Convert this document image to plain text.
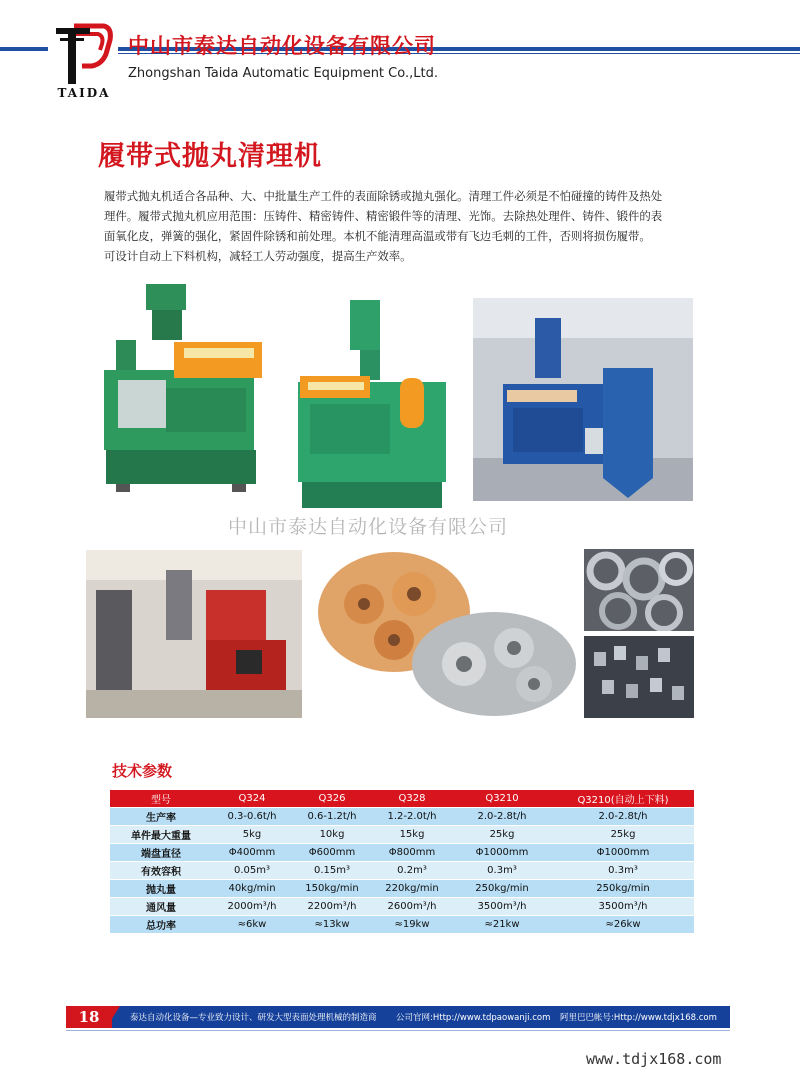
TAIDA
中山市泰达自动化设备有限公司
Zhongshan Taida Automatic Equipment Co.,Ltd.
履带式抛丸清理机
履带式抛丸机适合各品种、大、中批量生产工件的表面除锈或抛丸强化。清理工件必须是不怕碰撞的铸件及热处
理件。履带式抛丸机应用范围：压铸件、精密铸件、精密锻件等的清理、光饰。去除热处理件、铸件、锻件的表
面氧化皮，弹簧的强化，紧固件除锈和前处理。本机不能清理高温或带有飞边毛刺的工件，否则将损伤履带。
可设计自动上下料机构，减轻工人劳动强度，提高生产效率。
中山市泰达自动化设备有限公司
技术参数
型号	Q324	Q326	Q328	Q3210	Q3210(自动上下料)
生产率	0.3-0.6t/h	0.6-1.2t/h	1.2-2.0t/h	2.0-2.8t/h	2.0-2.8t/h
单件最大重量	5kg	10kg	15kg	25kg	25kg
端盘直径	Φ400mm	Φ600mm	Φ800mm	Φ1000mm	Φ1000mm
有效容积	0.05m³	0.15m³	0.2m³	0.3m³	0.3m³
抛丸量	40kg/min	150kg/min	220kg/min	250kg/min	250kg/min
通风量	2000m³/h	2200m³/h	2600m³/h	3500m³/h	3500m³/h
总功率	≈6kw	≈13kw	≈19kw	≈21kw	≈26kw
18	泰达自动化设备—专业致力设计、研发大型表面处理机械的制造商 公司官网:Http://www.tdpaowanji.com 阿里巴巴帐号:Http://www.tdjx168.com
www.tdjx168.com
